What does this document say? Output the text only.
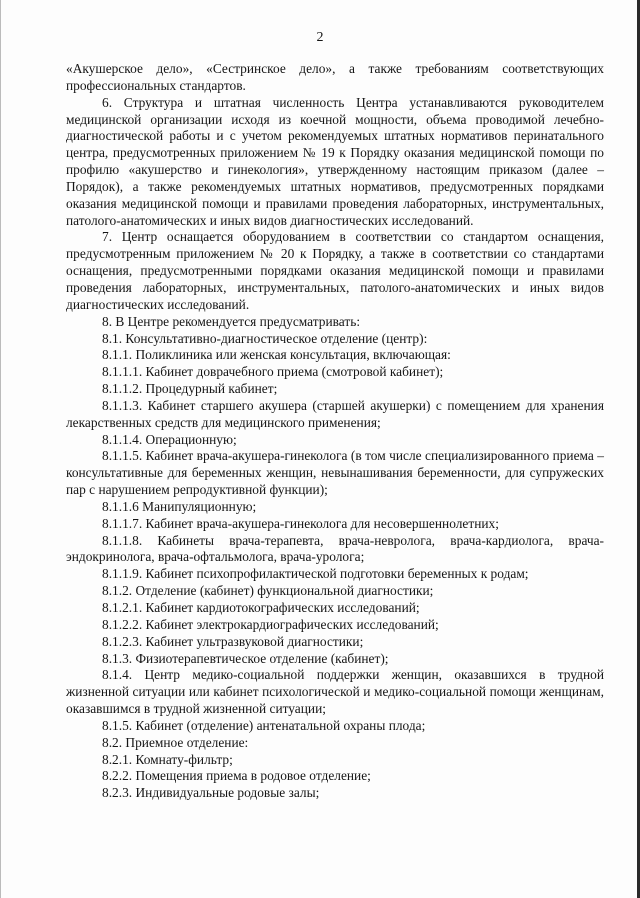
2

«Акушерское дело», «Сестринское дело», а также требованиям соответствующих профессиональных стандартов.

6. Структура и штатная численность Центра устанавливаются руководителем медицинской организации исходя из коечной мощности, объема проводимой лечебно-диагностической работы и с учетом рекомендуемых штатных нормативов перинатального центра, предусмотренных приложением № 19 к Порядку оказания медицинской помощи по профилю «акушерство и гинекология», утвержденному настоящим приказом (далее – Порядок), а также рекомендуемых штатных нормативов, предусмотренных порядками оказания медицинской помощи и правилами проведения лабораторных, инструментальных, патолого-анатомических и иных видов диагностических исследований.

7. Центр оснащается оборудованием в соответствии со стандартом оснащения, предусмотренным приложением № 20 к Порядку, а также в соответствии со стандартами оснащения, предусмотренными порядками оказания медицинской помощи и правилами проведения лабораторных, инструментальных, патолого-анатомических и иных видов диагностических исследований.

8. В Центре рекомендуется предусматривать:

8.1. Консультативно-диагностическое отделение (центр):

8.1.1. Поликлиника или женская консультация, включающая:

8.1.1.1. Кабинет доврачебного приема (смотровой кабинет);

8.1.1.2. Процедурный кабинет;

8.1.1.3. Кабинет старшего акушера (старшей акушерки) с помещением для хранения лекарственных средств для медицинского применения;

8.1.1.4. Операционную;

8.1.1.5. Кабинет врача-акушера-гинеколога (в том числе специализированного приема – консультативные для беременных женщин, невынашивания беременности, для супружеских пар с нарушением репродуктивной функции);

8.1.1.6 Манипуляционную;

8.1.1.7. Кабинет врача-акушера-гинеколога для несовершеннолетних;

8.1.1.8. Кабинеты врача-терапевта, врача-невролога, врача-кардиолога, врача-эндокринолога, врача-офтальмолога, врача-уролога;

8.1.1.9. Кабинет психопрофилактической подготовки беременных к родам;

8.1.2. Отделение (кабинет) функциональной диагностики;

8.1.2.1. Кабинет кардиотокографических исследований;

8.1.2.2. Кабинет электрокардиографических исследований;

8.1.2.3. Кабинет ультразвуковой диагностики;

8.1.3. Физиотерапевтическое отделение (кабинет);

8.1.4. Центр медико-социальной поддержки женщин, оказавшихся в трудной жизненной ситуации или кабинет психологической и медико-социальной помощи женщинам, оказавшимся в трудной жизненной ситуации;

8.1.5. Кабинет (отделение) антенатальной охраны плода;

8.2. Приемное отделение:

8.2.1. Комнату-фильтр;

8.2.2. Помещения приема в родовое отделение;

8.2.3. Индивидуальные родовые залы;
